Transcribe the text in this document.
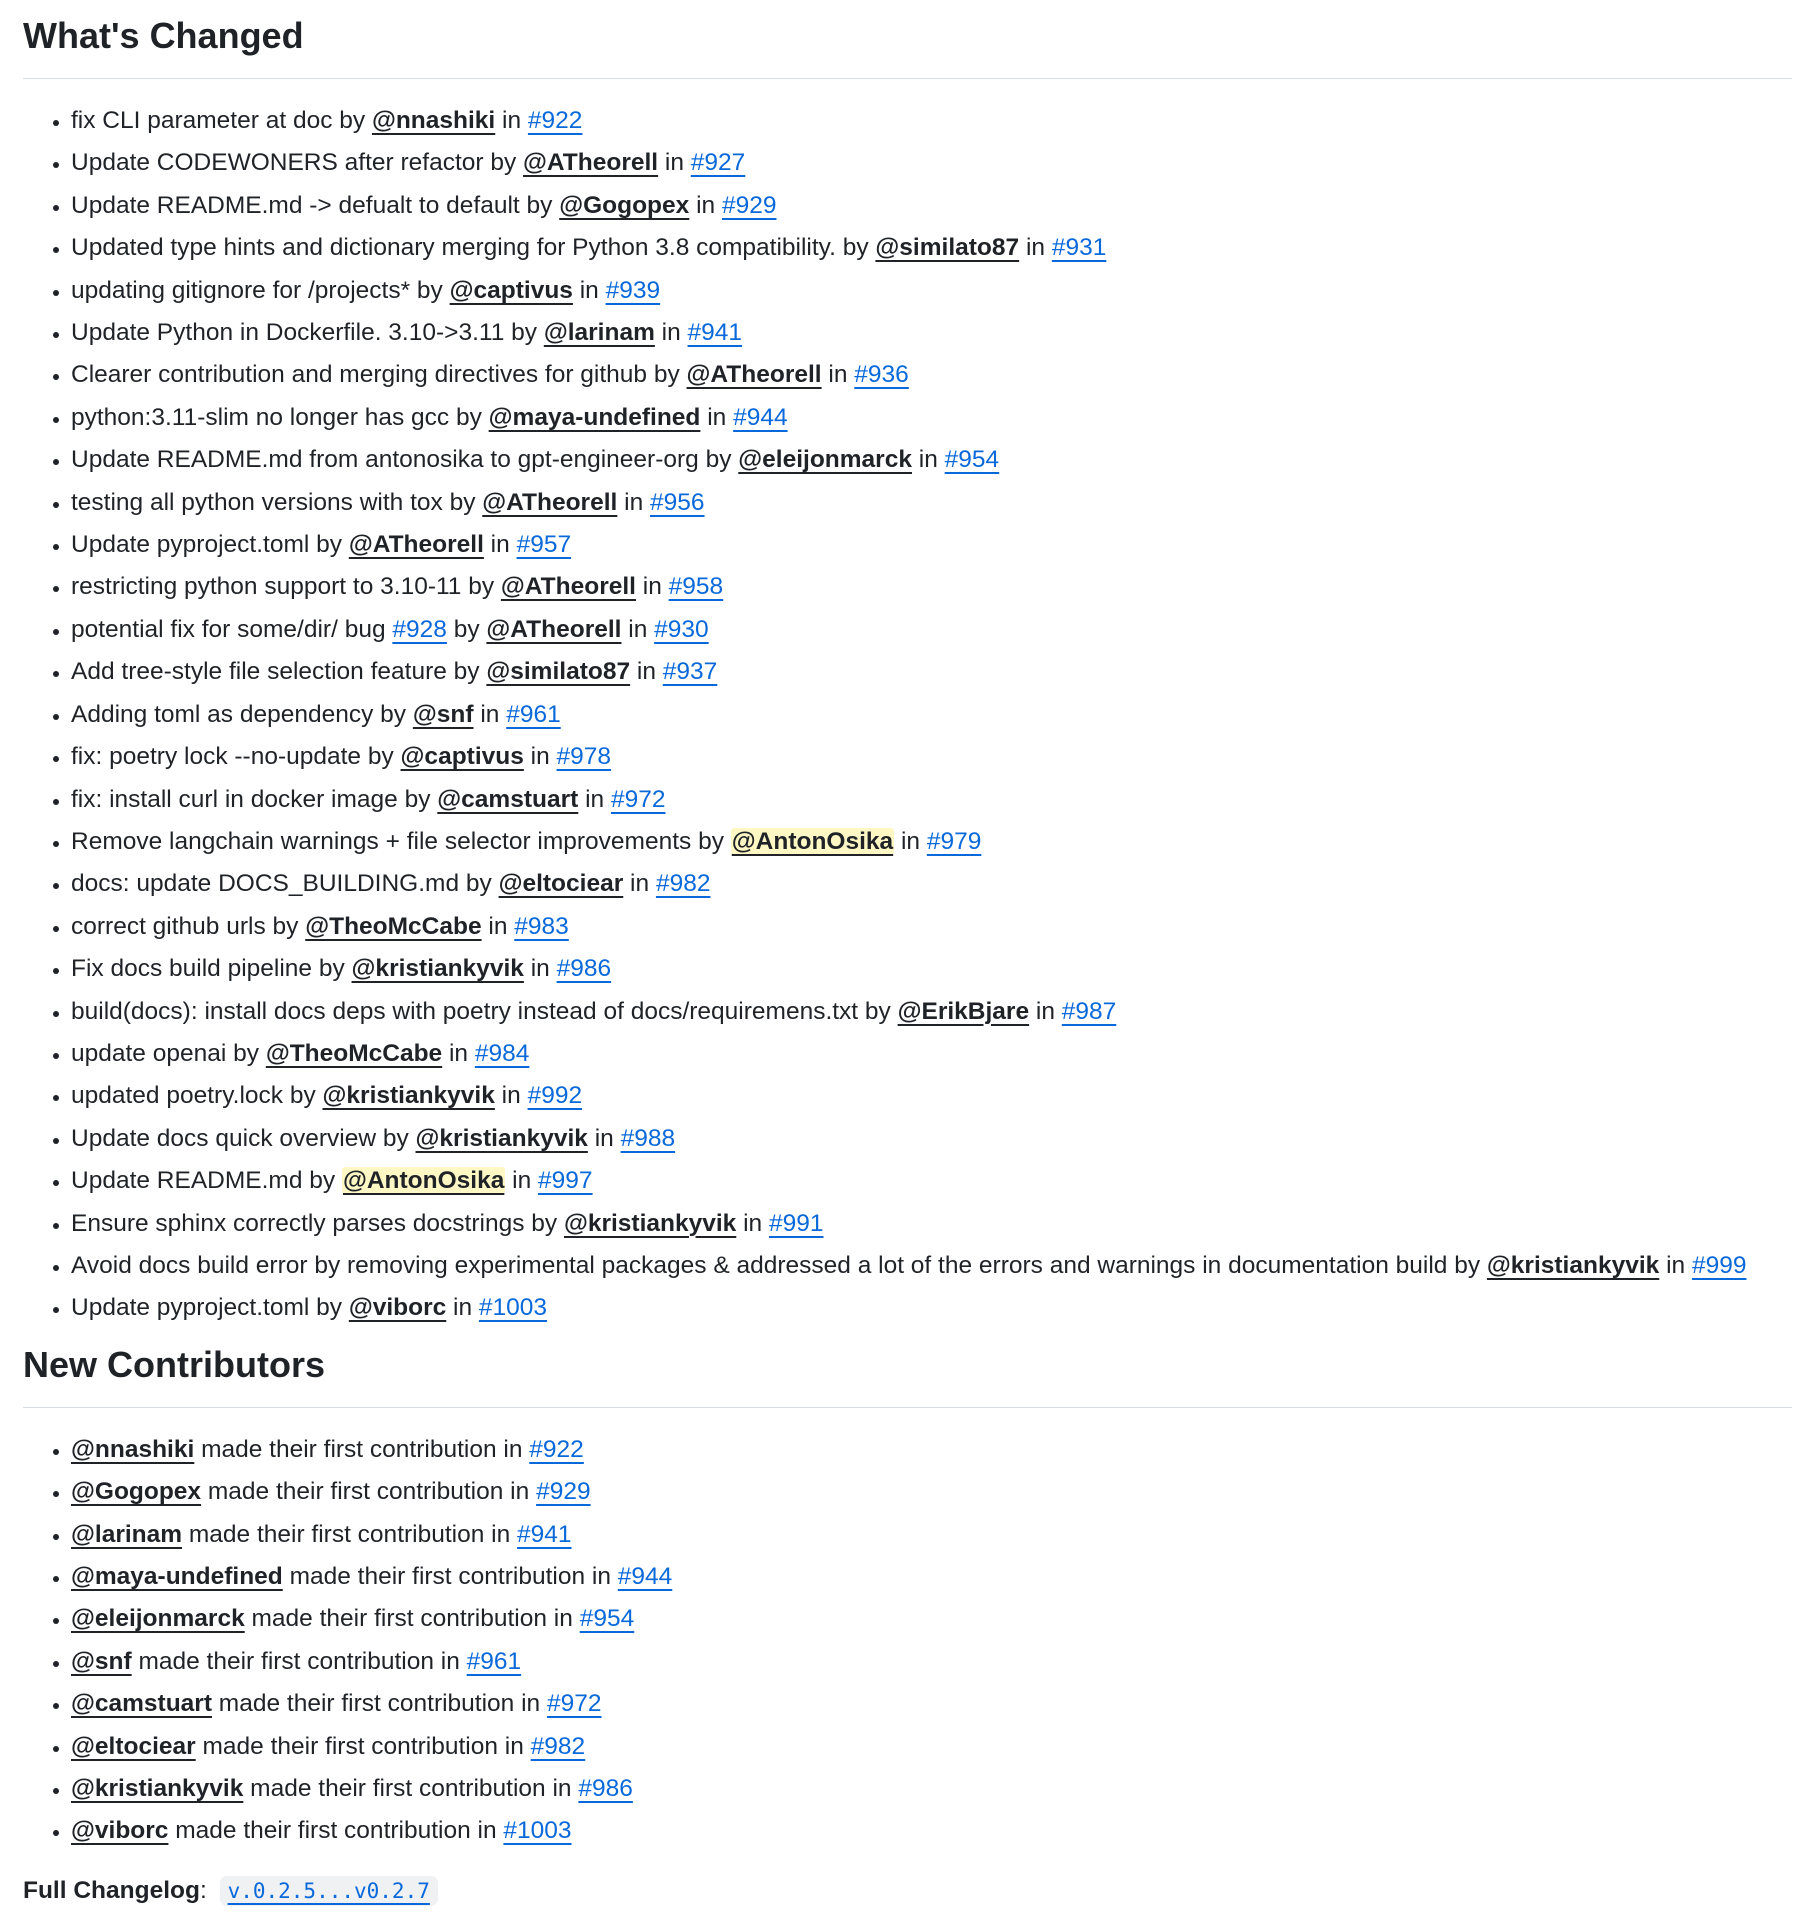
What's Changed
• fix CLI parameter at doc by @nnashiki in #922
• Update CODEWONERS after refactor by @ATheorell in #927
• Update README.md -> defualt to default by @Gogopex in #929
• Updated type hints and dictionary merging for Python 3.8 compatibility. by @similato87 in #931
• updating gitignore for /projects* by @captivus in #939
• Update Python in Dockerfile. 3.10->3.11 by @larinam in #941
• Clearer contribution and merging directives for github by @ATheorell in #936
• python:3.11-slim no longer has gcc by @maya-undefined in #944
• Update README.md from antonosika to gpt-engineer-org by @eleijonmarck in #954
• testing all python versions with tox by @ATheorell in #956
• Update pyproject.toml by @ATheorell in #957
• restricting python support to 3.10-11 by @ATheorell in #958
• potential fix for some/dir/ bug #928 by @ATheorell in #930
• Add tree-style file selection feature by @similato87 in #937
• Adding toml as dependency by @snf in #961
• fix: poetry lock --no-update by @captivus in #978
• fix: install curl in docker image by @camstuart in #972
• Remove langchain warnings + file selector improvements by @AntonOsika in #979
• docs: update DOCS_BUILDING.md by @eltociear in #982
• correct github urls by @TheoMcCabe in #983
• Fix docs build pipeline by @kristiankyvik in #986
• build(docs): install docs deps with poetry instead of docs/requiremens.txt by @ErikBjare in #987
• update openai by @TheoMcCabe in #984
• updated poetry.lock by @kristiankyvik in #992
• Update docs quick overview by @kristiankyvik in #988
• Update README.md by @AntonOsika in #997
• Ensure sphinx correctly parses docstrings by @kristiankyvik in #991
• Avoid docs build error by removing experimental packages & addressed a lot of the errors and warnings in documentation build by @kristiankyvik in #999
• Update pyproject.toml by @viborc in #1003
New Contributors
• @nnashiki made their first contribution in #922
• @Gogopex made their first contribution in #929
• @larinam made their first contribution in #941
• @maya-undefined made their first contribution in #944
• @eleijonmarck made their first contribution in #954
• @snf made their first contribution in #961
• @camstuart made their first contribution in #972
• @eltociear made their first contribution in #982
• @kristiankyvik made their first contribution in #986
• @viborc made their first contribution in #1003
Full Changelog: v.0.2.5...v0.2.7
